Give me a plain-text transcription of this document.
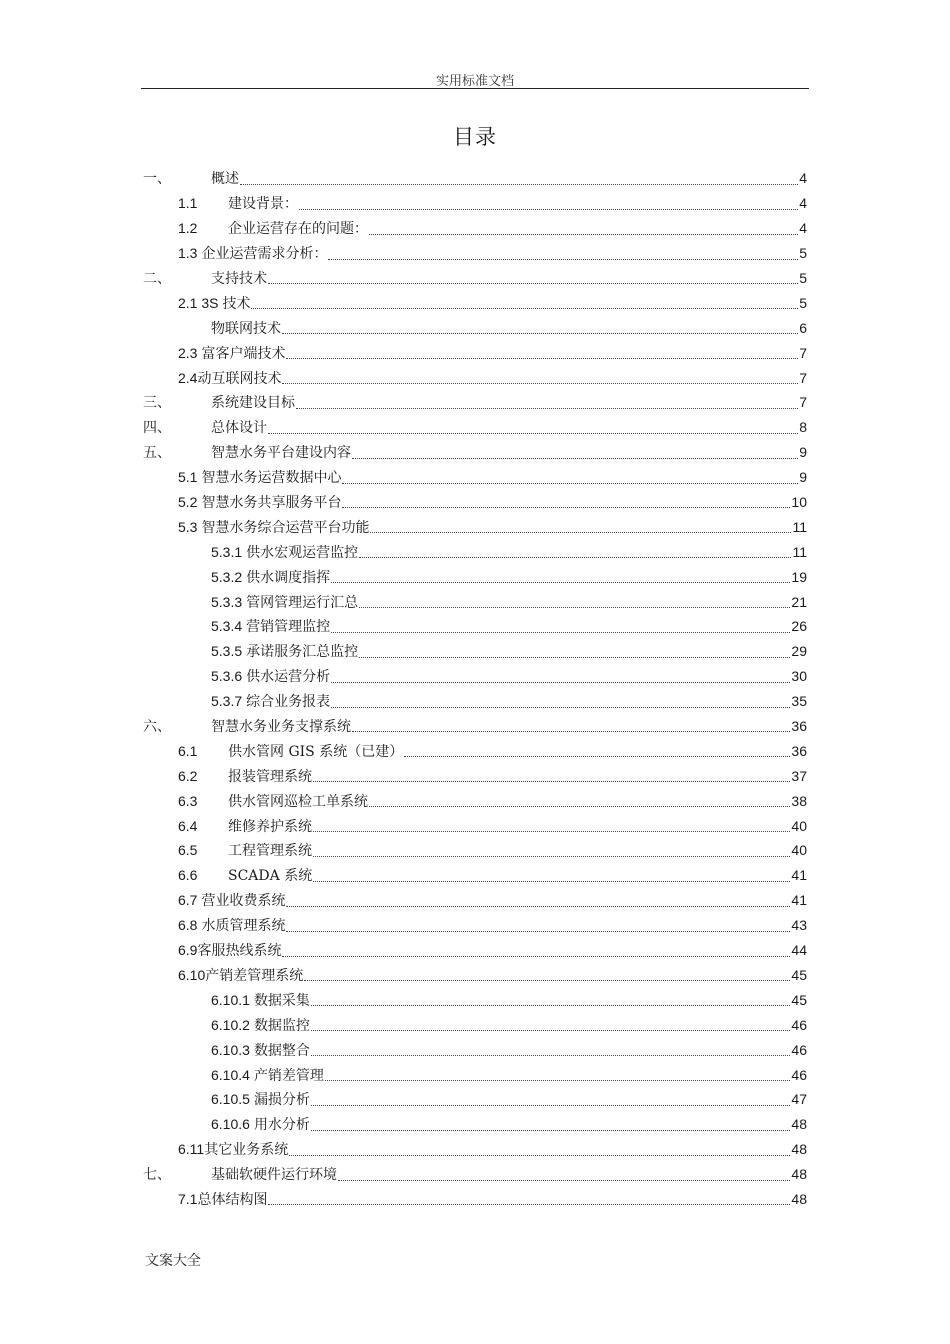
实用标准文档
目录
一、	概述	4
1.1	建设背景：	4
1.2	企业运营存在的问题：	4
1.3 企业运营需求分析：	5
二、	支持技术	5
2.1 3S 技术	5
物联网技术	6
2.3 富客户端技术	7
2.4 动互联网技术	7
三、	系统建设目标	7
四、	总体设计	8
五、	智慧水务平台建设内容	9
5.1 智慧水务运营数据中心	9
5.2 智慧水务共享服务平台	10
5.3 智慧水务综合运营平台功能	11
5.3.1 供水宏观运营监控	11
5.3.2 供水调度指挥	19
5.3.3 管网管理运行汇总	21
5.3.4 营销管理监控	26
5.3.5 承诺服务汇总监控	29
5.3.6 供水运营分析	30
5.3.7 综合业务报表	35
六、	智慧水务业务支撑系统	36
6.1	供水管网 GIS 系统（已建）	36
6.2	报装管理系统	37
6.3	供水管网巡检工单系统	38
6.4	维修养护系统	40
6.5	工程管理系统	40
6.6	SCADA 系统	41
6.7 营业收费系统	41
6.8 水质管理系统	43
6.9 客服热线系统	44
6.10 产销差管理系统	45
6.10.1 数据采集	45
6.10.2 数据监控	46
6.10.3 数据整合	46
6.10.4 产销差管理	46
6.10.5 漏损分析	47
6.10.6 用水分析	48
6.11 其它业务系统	48
七、	基础软硬件运行环境	48
7.1 总体结构图	48
文案大全
